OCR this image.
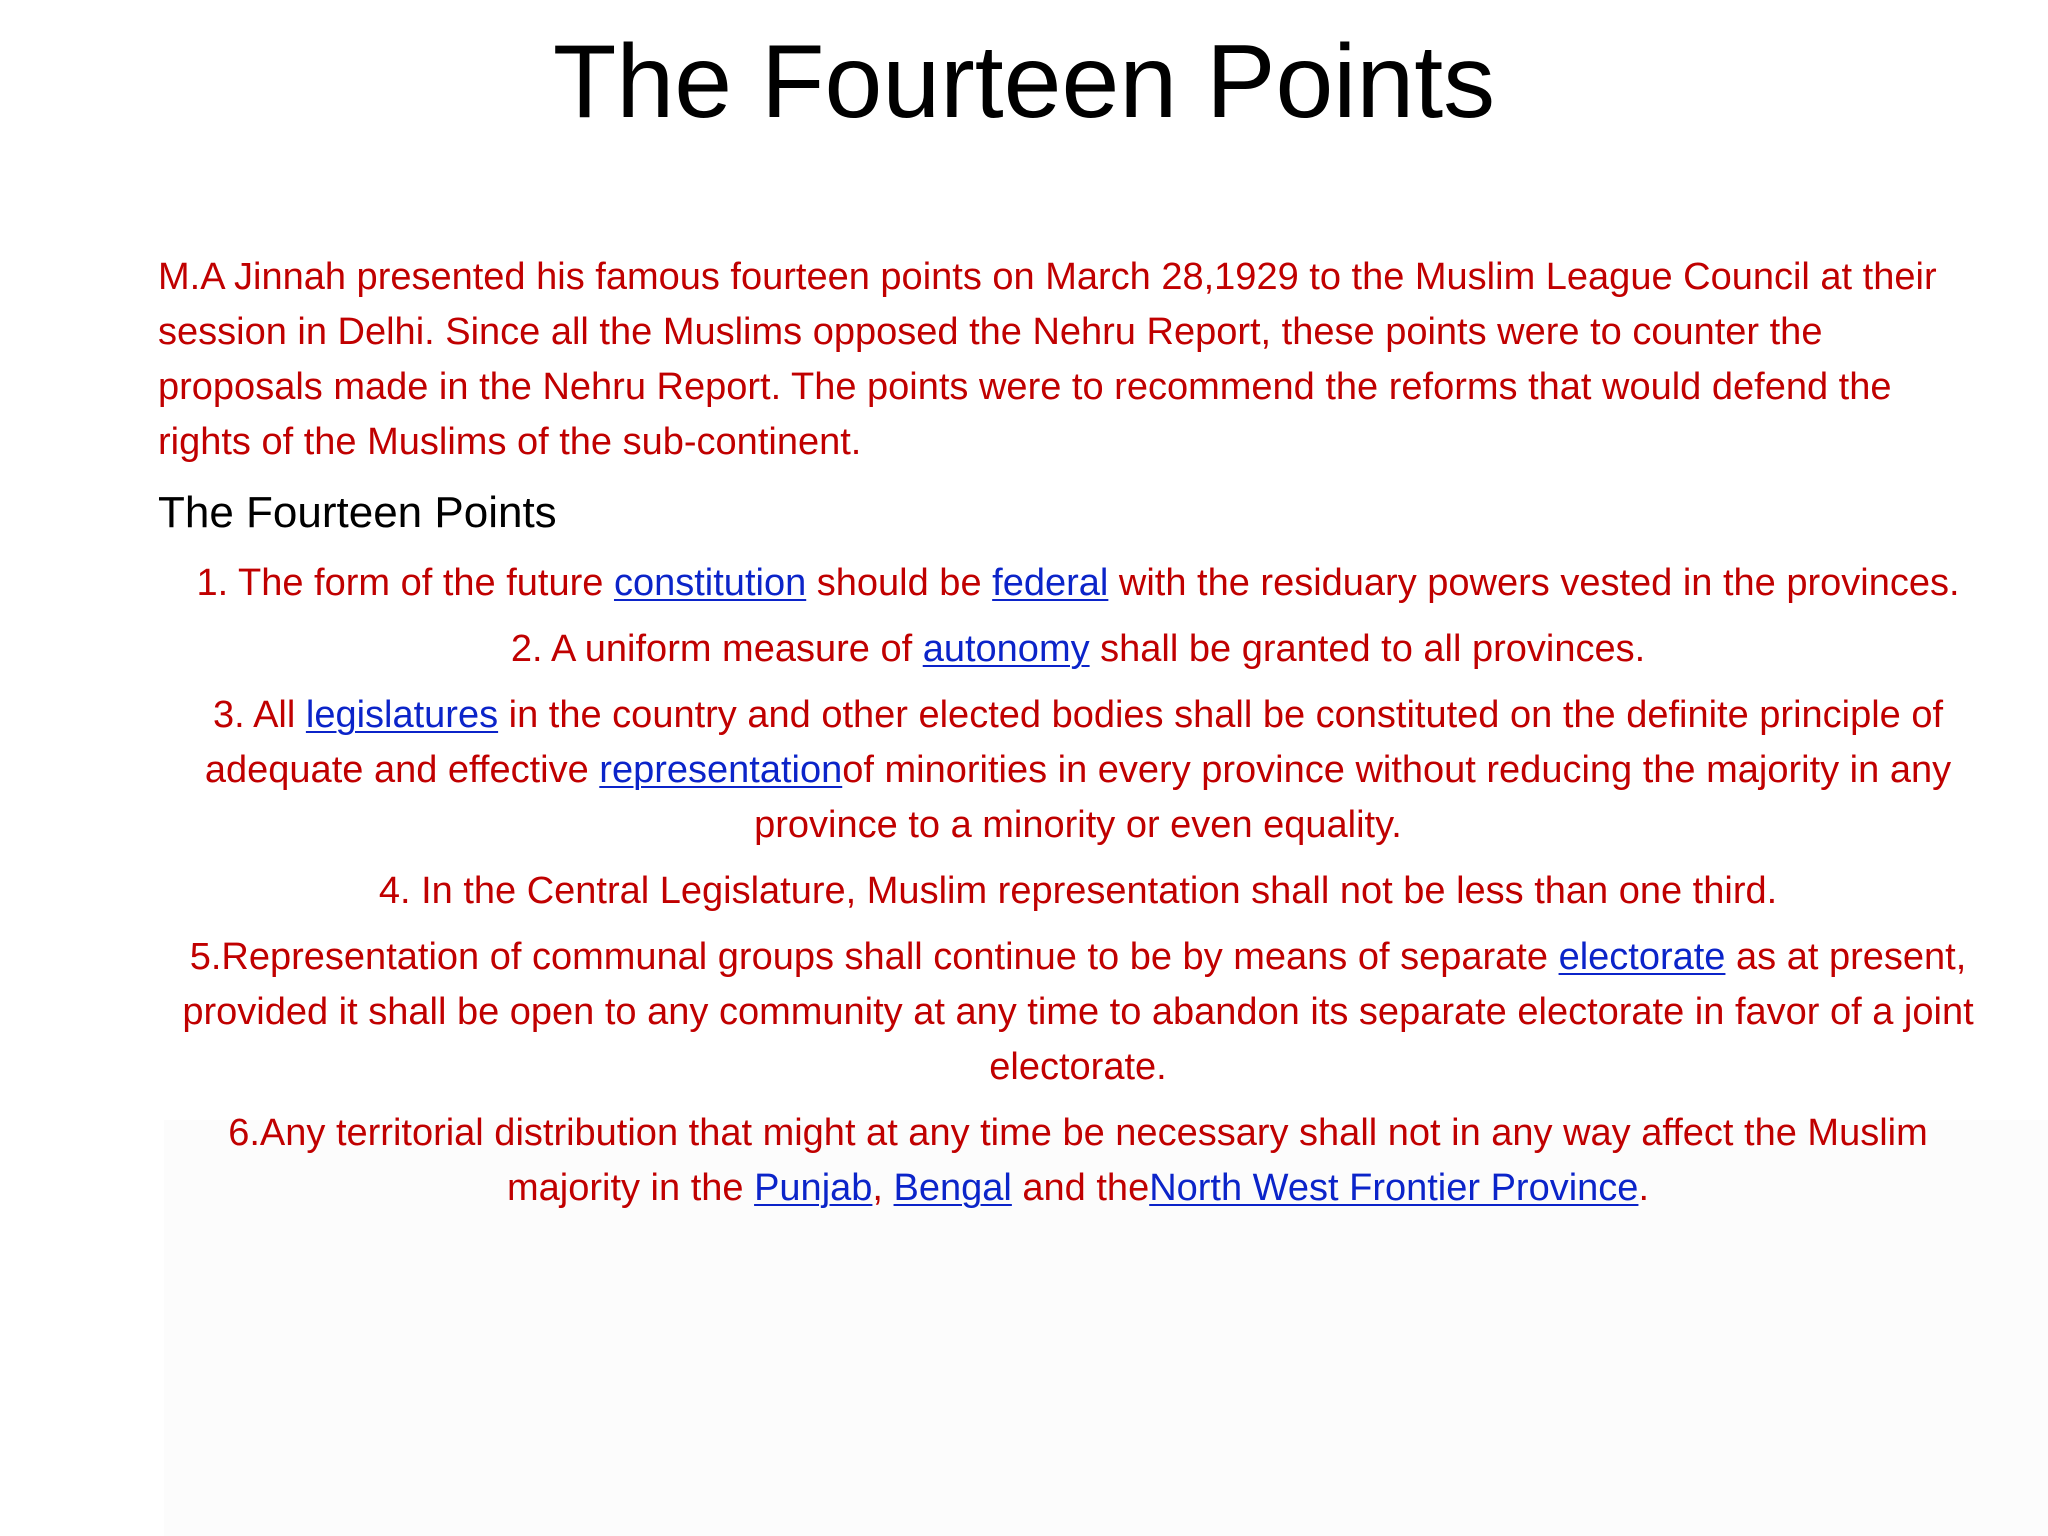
The Fourteen Points

M.A Jinnah presented his famous fourteen points on March 28,1929 to the Muslim League Council at their session in Delhi. Since all the Muslims opposed the Nehru Report, these points were to counter the proposals made in the Nehru Report. The points were to recommend the reforms that would defend the rights of the Muslims of the sub-continent.

The Fourteen Points
1. The form of the future constitution should be federal with the residuary powers vested in the provinces.
2. A uniform measure of autonomy shall be granted to all provinces.
3. All legislatures in the country and other elected bodies shall be constituted on the definite principle of adequate and effective representationof minorities in every province without reducing the majority in any province to a minority or even equality.
4. In the Central Legislature, Muslim representation shall not be less than one third.
5.Representation of communal groups shall continue to be by means of separate electorate as at present, provided it shall be open to any community at any time to abandon its separate electorate in favor of a joint electorate.
6.Any territorial distribution that might at any time be necessary shall not in any way affect the Muslim majority in the Punjab, Bengal and theNorth West Frontier Province.
